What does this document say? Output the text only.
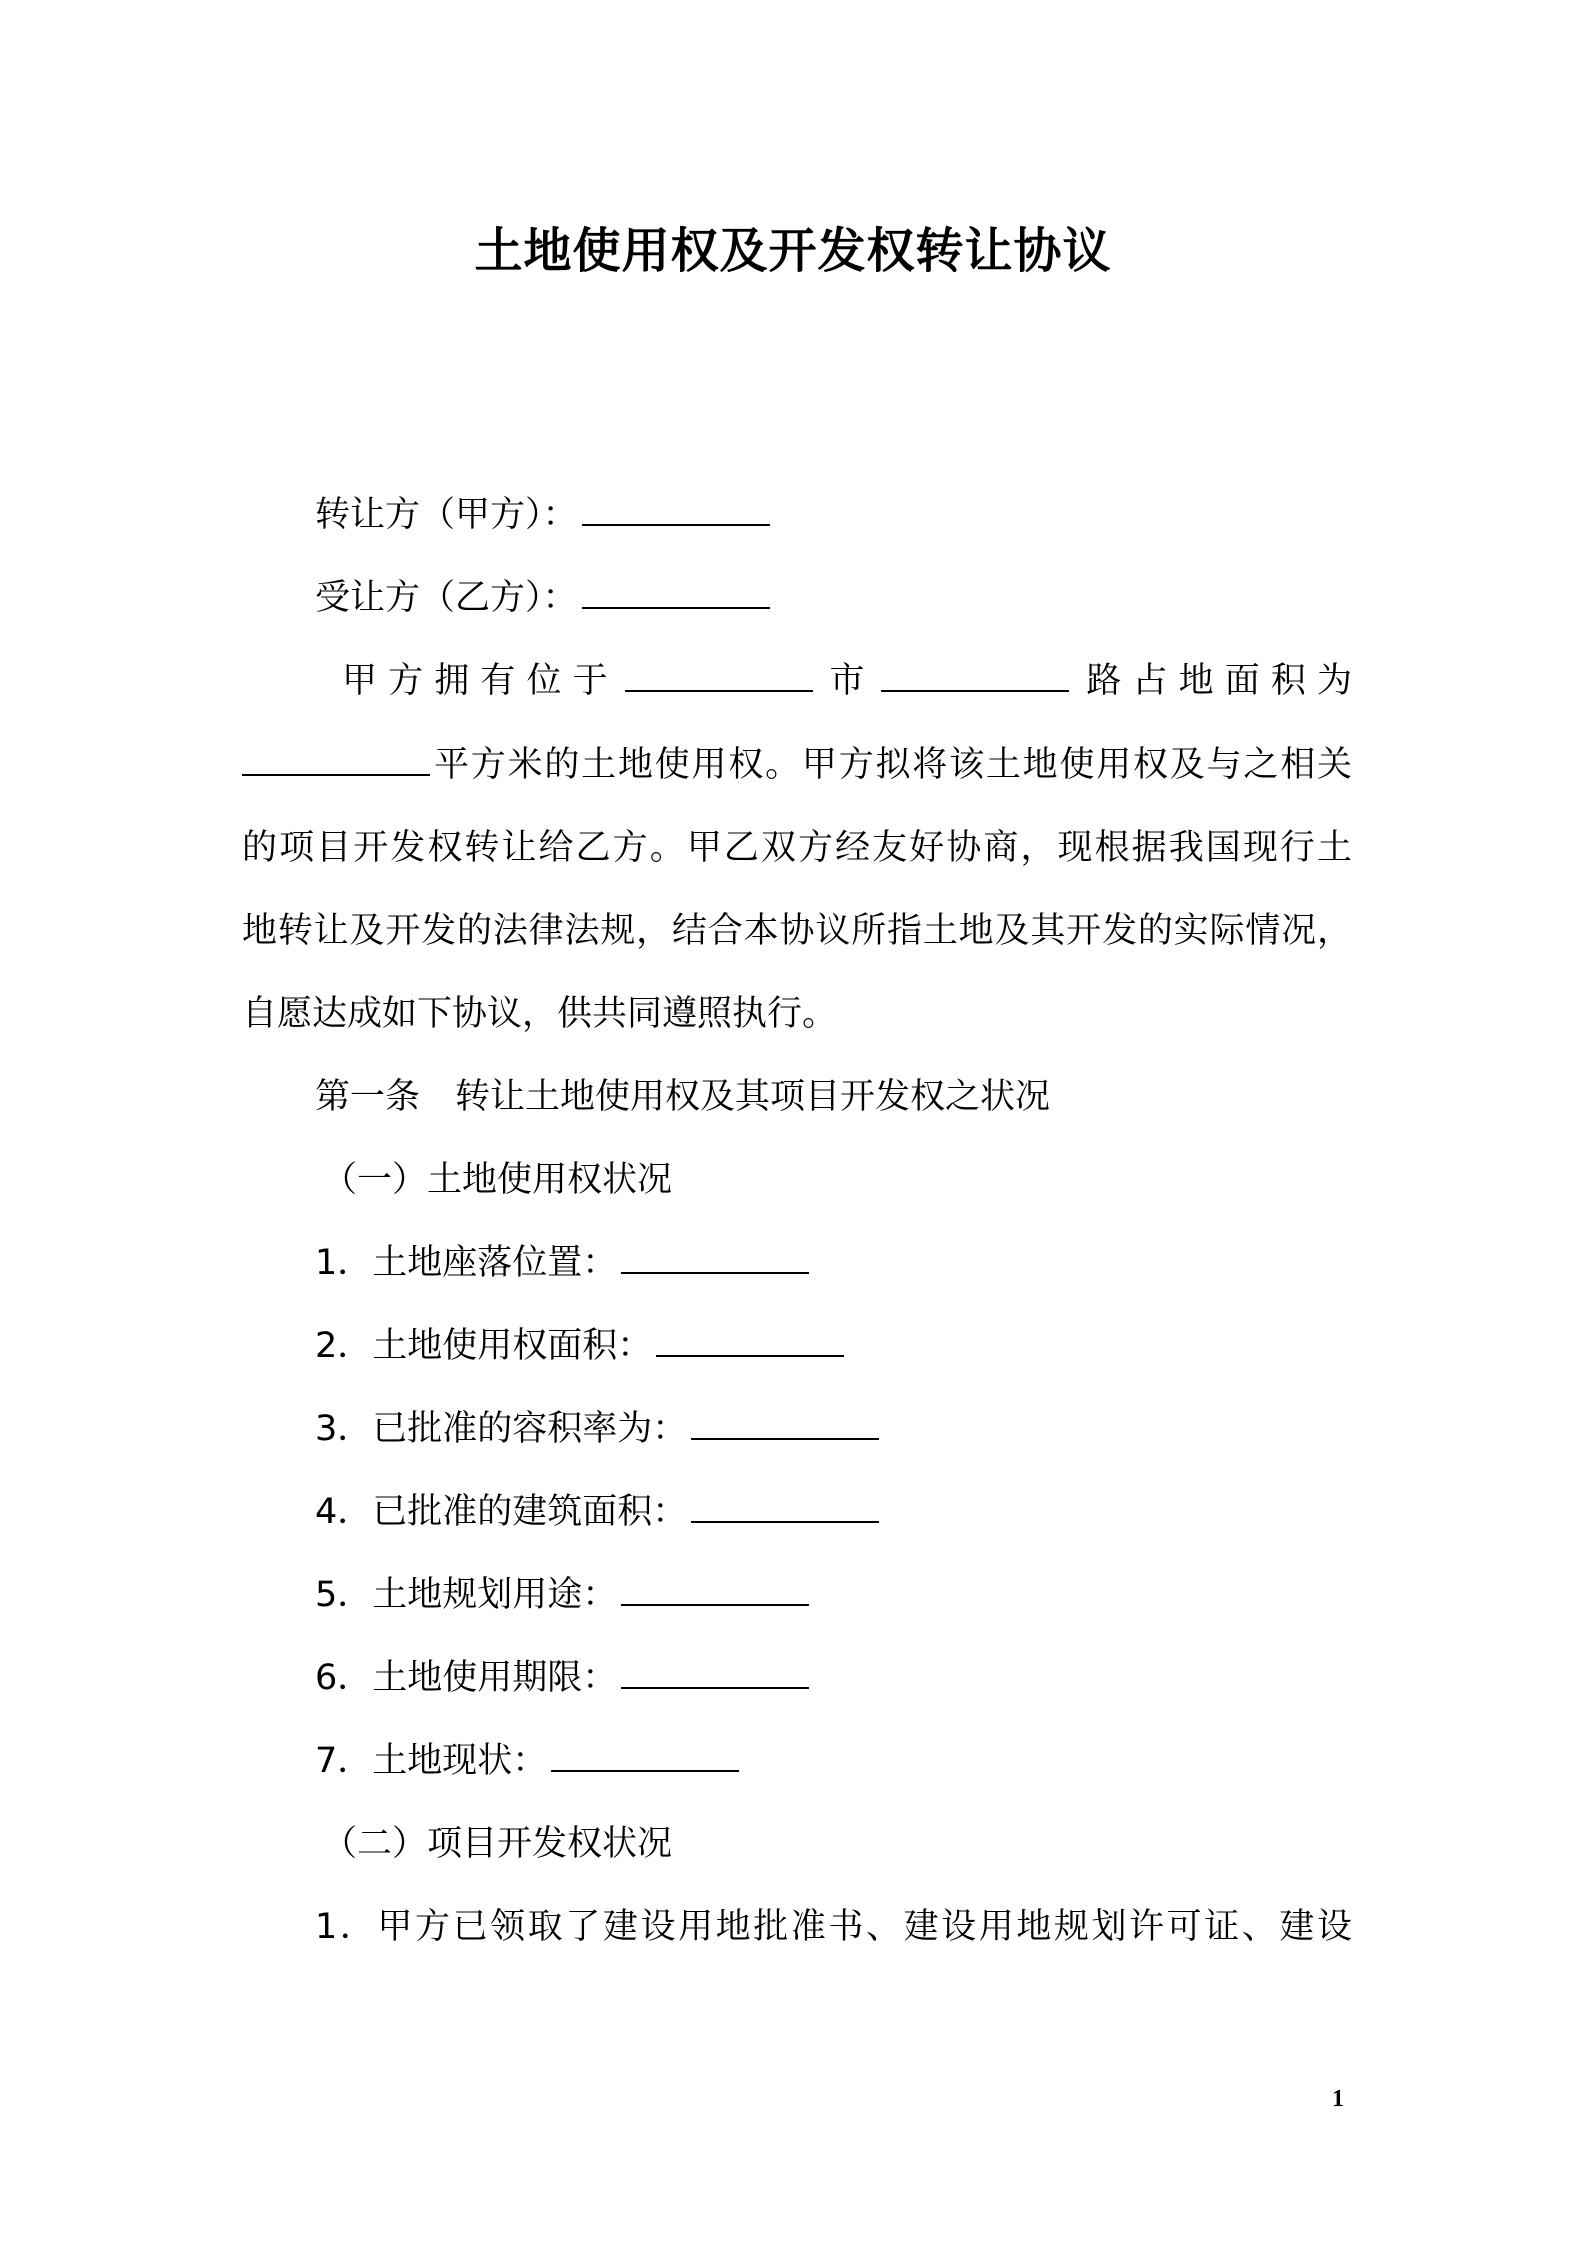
土地使用权及开发权转让协议
转让方（甲方）：
受让方（乙方）：
甲 方 拥 有 位 于	市	路 占 地 面 积 为
平方米的土地使用权。甲方拟将该土地使用权及与之相关
的项目开发权转让给乙方。甲乙双方经友好协商，现根据我国现行土
地转让及开发的法律法规，结合本协议所指土地及其开发的实际情况，
自愿达成如下协议，供共同遵照执行。
第一条　转让土地使用权及其项目开发权之状况
（一）土地使用权状况
1．土地座落位置：
2．土地使用权面积：
3．已批准的容积率为：
4．已批准的建筑面积：
5．土地规划用途：
6．土地使用期限：
7．土地现状：
（二）项目开发权状况
1．甲方已领取了建设用地批准书、建设用地规划许可证、建设
1
